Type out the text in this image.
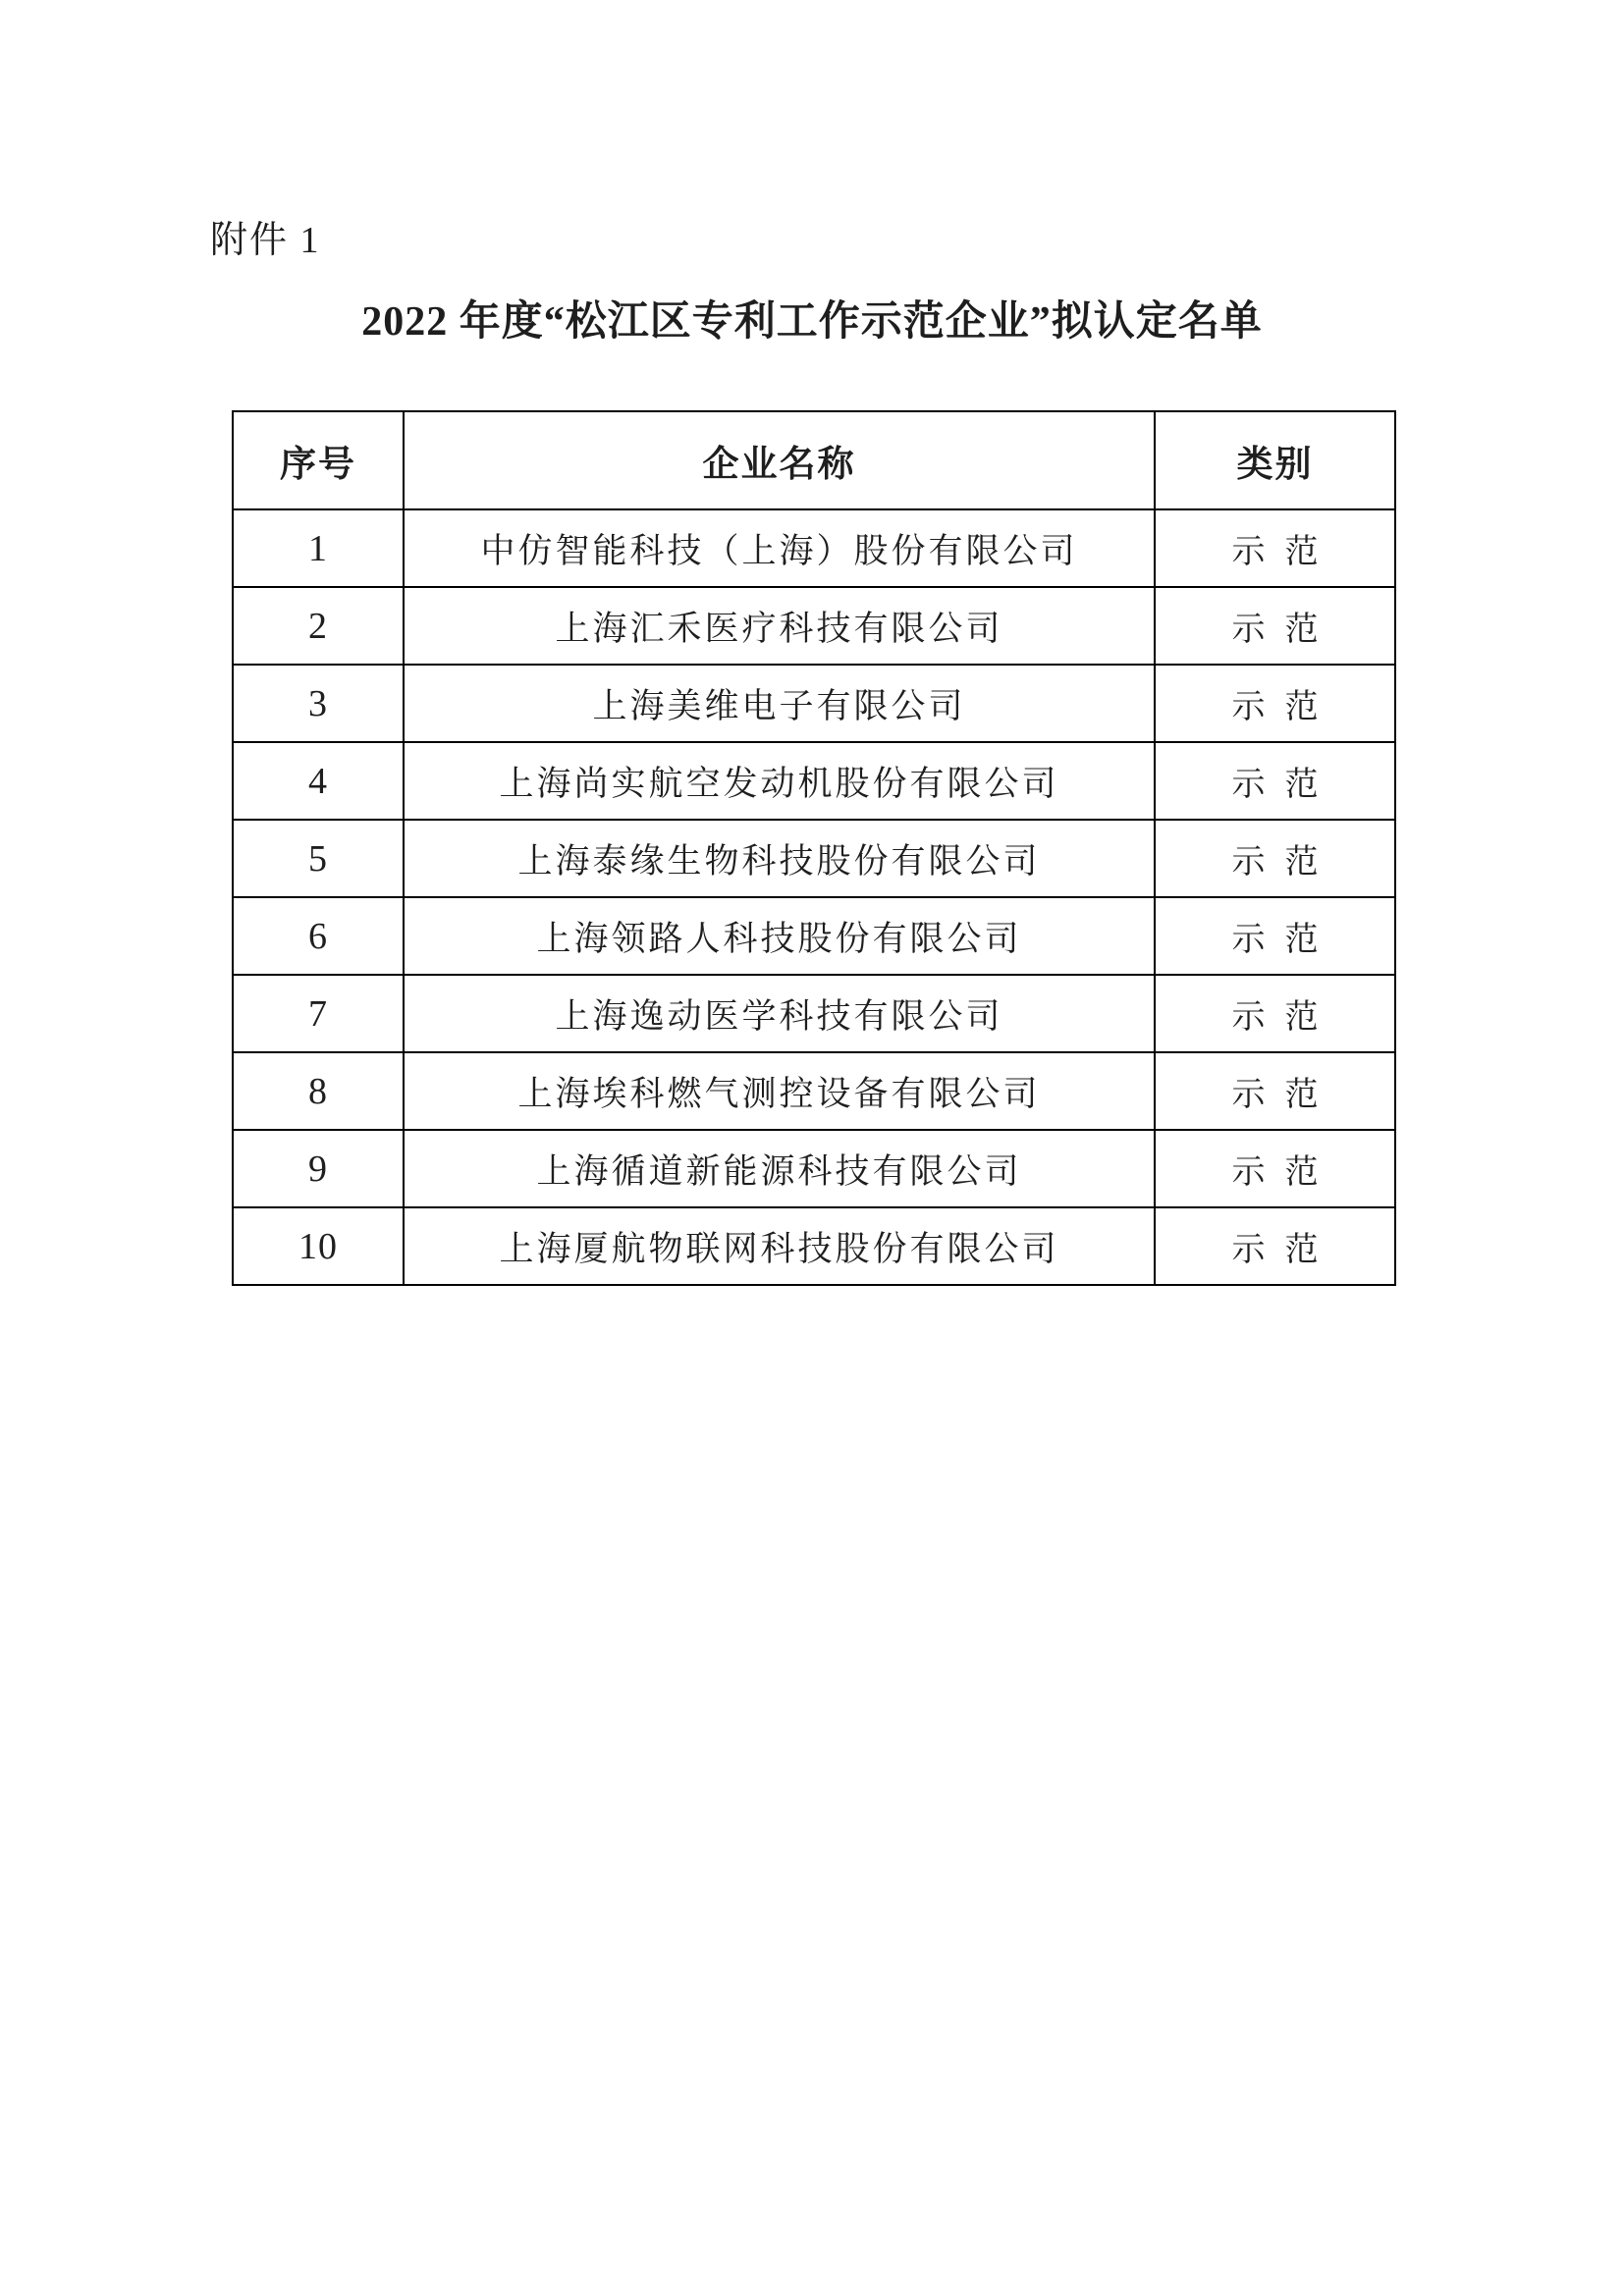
附件 1
2022 年度“松江区专利工作示范企业”拟认定名单
序号	企业名称	类别
1	中仿智能科技（上海）股份有限公司	示范
2	上海汇禾医疗科技有限公司	示范
3	上海美维电子有限公司	示范
4	上海尚实航空发动机股份有限公司	示范
5	上海泰缘生物科技股份有限公司	示范
6	上海领路人科技股份有限公司	示范
7	上海逸动医学科技有限公司	示范
8	上海埃科燃气测控设备有限公司	示范
9	上海循道新能源科技有限公司	示范
10	上海厦航物联网科技股份有限公司	示范
